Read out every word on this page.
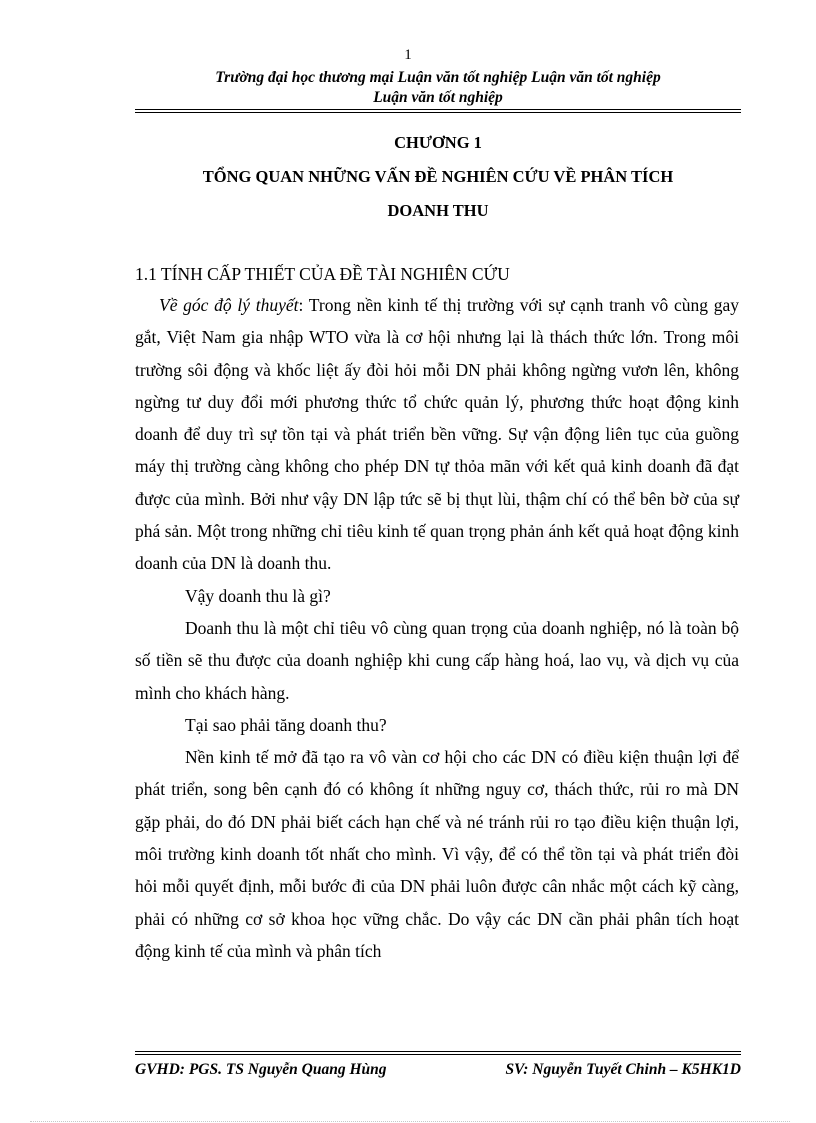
1
Trường đại học thương mại Luận văn tốt nghiệp Luận văn tốt nghiệp
Luận văn tốt nghiệp
CHƯƠNG 1
TỔNG QUAN NHỮNG VẤN ĐỀ NGHIÊN CỨU VỀ PHÂN TÍCH
DOANH THU
1.1 TÍNH CẤP THIẾT CỦA ĐỀ TÀI NGHIÊN CỨU

Về góc độ lý thuyết: Trong nền kinh tế thị trường với sự cạnh tranh vô cùng gay gắt, Việt Nam gia nhập WTO vừa là cơ hội nhưng lại là thách thức lớn. Trong môi trường sôi động và khốc liệt ấy đòi hỏi mỗi DN phải không ngừng vươn lên, không ngừng tư duy đổi mới phương thức tổ chức quản lý, phương thức hoạt động kinh doanh để duy trì sự tồn tại và phát triển bền vững. Sự vận động liên tục của guồng máy thị trường càng không cho phép DN tự thỏa mãn với kết quả kinh doanh đã đạt được của mình. Bởi như vậy DN lập tức sẽ bị thụt lùi, thậm chí có thể bên bờ của sự phá sản. Một trong những chỉ tiêu kinh tế quan trọng phản ánh kết quả hoạt động kinh doanh của DN là doanh thu.

Vậy doanh thu là gì?

Doanh thu là một chỉ tiêu vô cùng quan trọng của doanh nghiệp, nó là toàn bộ số tiền sẽ thu được của doanh nghiệp khi cung cấp hàng hoá, lao vụ, và dịch vụ của mình cho khách hàng.

Tại sao phải tăng doanh thu?

Nền kinh tế mở đã tạo ra vô vàn cơ hội cho các DN có điều kiện thuận lợi để phát triển, song bên cạnh đó có không ít những nguy cơ, thách thức, rủi ro mà DN gặp phải, do đó DN phải biết cách hạn chế và né tránh rủi ro tạo điều kiện thuận lợi, môi trường kinh doanh tốt nhất cho mình. Vì vậy, để có thể tồn tại và phát triển đòi hỏi mỗi quyết định, mỗi bước đi của DN phải luôn được cân nhắc một cách kỹ càng, phải có những cơ sở khoa học vững chắc. Do vậy các DN cần phải phân tích hoạt động kinh tế của mình và phân tích

GVHD: PGS. TS Nguyễn Quang Hùng	SV: Nguyễn Tuyết Chinh – K5HK1D
